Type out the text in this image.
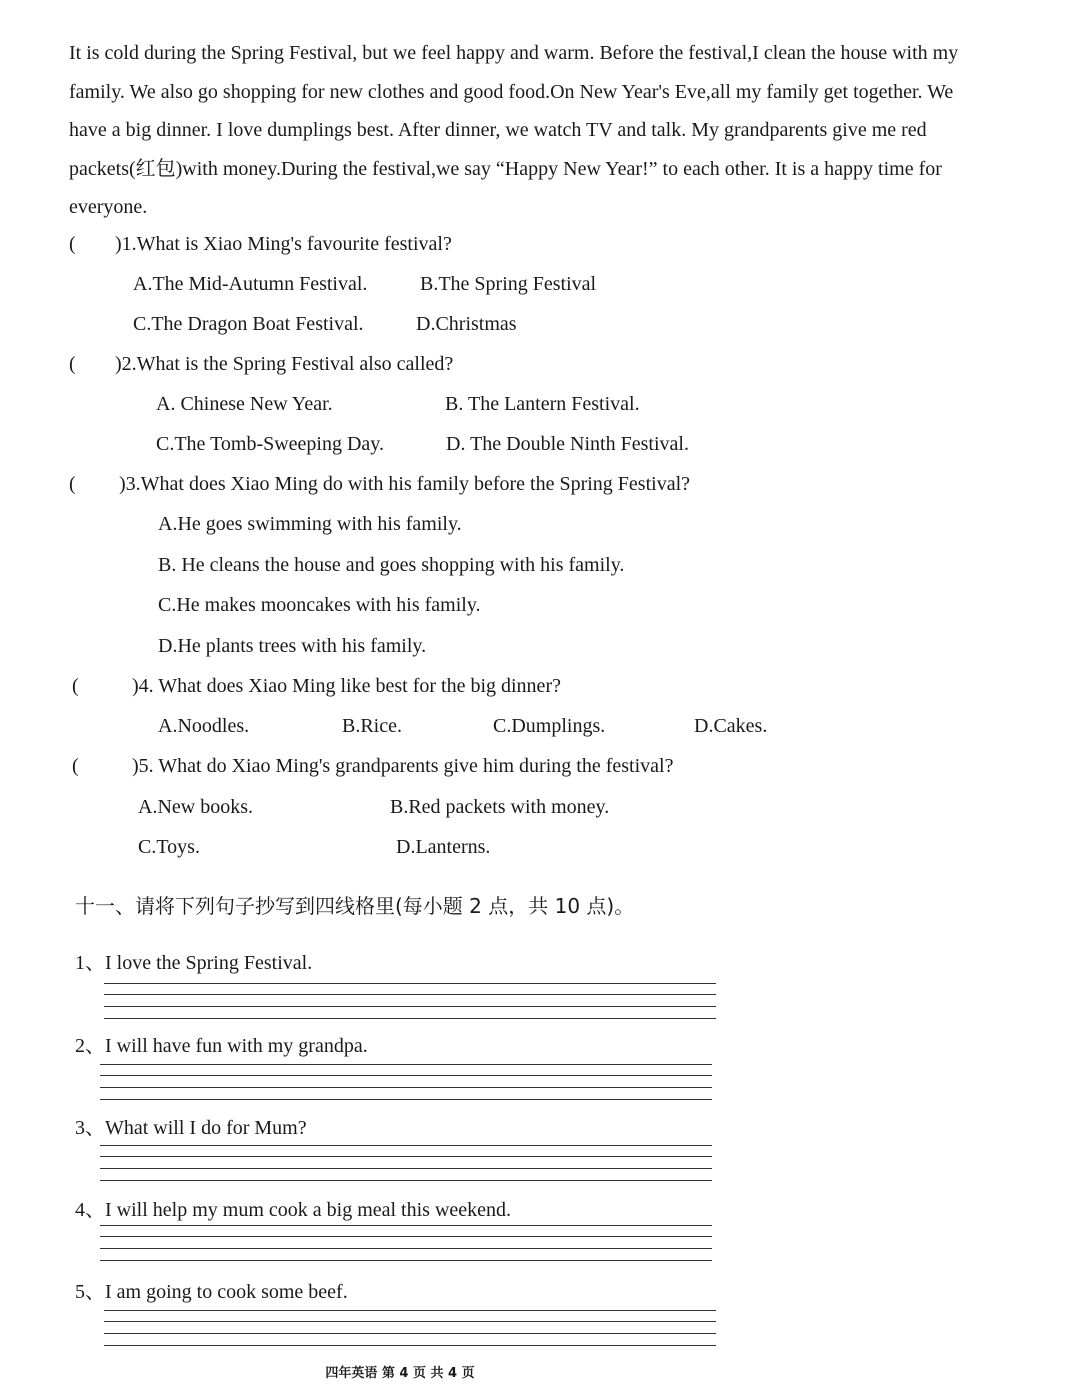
It is cold during the Spring Festival, but we feel happy and warm. Before the festival,I clean the house with my
family. We also go shopping for new clothes and good food.On New Year's Eve,all my family get together. We
have a big dinner. I love dumplings best. After dinner, we watch TV and talk. My grandparents give me red
packets(红包)with money.During the festival,we say “Happy New Year!” to each other. It is a happy time for
everyone.
( )1.What is Xiao Ming's favourite festival?
A.The Mid-Autumn Festival.	B.The Spring Festival
C.The Dragon Boat Festival.	D.Christmas
( )2.What is the Spring Festival also called?
A. Chinese New Year.	B. The Lantern Festival.
C.The Tomb-Sweeping Day.	D. The Double Ninth Festival.
( )3.What does Xiao Ming do with his family before the Spring Festival?
A.He goes swimming with his family.
B. He cleans the house and goes shopping with his family.
C.He makes mooncakes with his family.
D.He plants trees with his family.
(	)4. What does Xiao Ming like best for the big dinner?
A.Noodles.	B.Rice.	C.Dumplings.	D.Cakes.
(	)5. What do Xiao Ming's grandparents give him during the festival?
A.New books.	B.Red packets with money.
C.Toys.	D.Lanterns.
十一、请将下列句子抄写到四线格里(每小题 2 点，共 10 点)。
1、I love the Spring Festival.
2、I will have fun with my grandpa.
3、What will I do for Mum?
4、I will help my mum cook a big meal this weekend.
5、I am going to cook some beef.
四年英语 第 4 页 共 4 页
